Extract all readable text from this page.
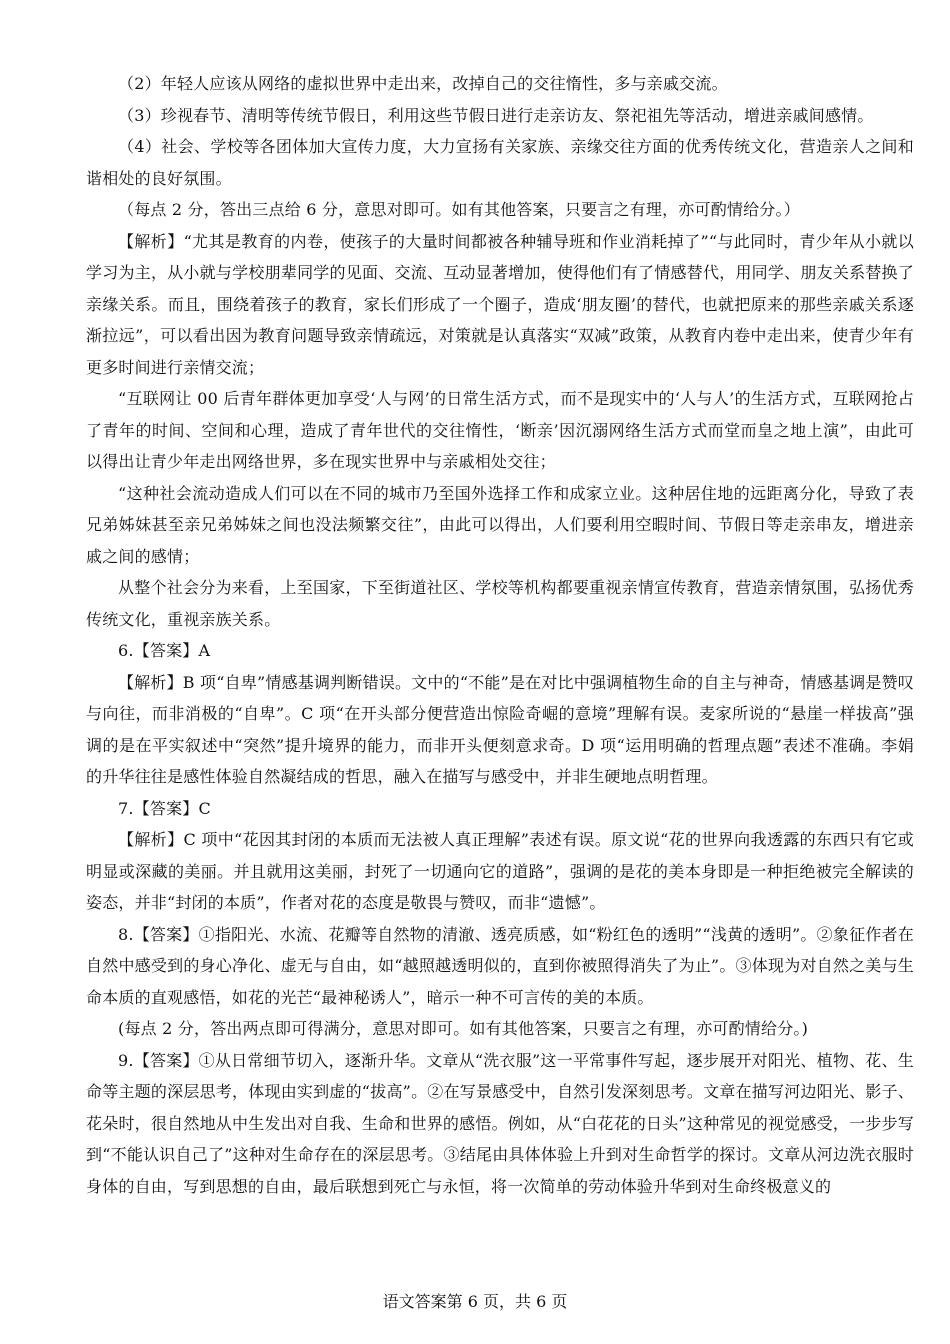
（2）年轻人应该从网络的虚拟世界中走出来，改掉自己的交往惰性，多与亲戚交流。

（3）珍视春节、清明等传统节假日，利用这些节假日进行走亲访友、祭祀祖先等活动，增进亲戚间感情。

（4）社会、学校等各团体加大宣传力度，大力宣扬有关家族、亲缘交往方面的优秀传统文化，营造亲人之间和谐相处的良好氛围。

（每点 2 分，答出三点给 6 分，意思对即可。如有其他答案，只要言之有理，亦可酌情给分。）

【解析】“尤其是教育的内卷，使孩子的大量时间都被各种辅导班和作业消耗掉了”“与此同时，青少年从小就以学习为主，从小就与学校朋辈同学的见面、交流、互动显著增加，使得他们有了情感替代，用同学、朋友关系替换了亲缘关系。而且，围绕着孩子的教育，家长们形成了一个圈子，造成‘朋友圈’的替代，也就把原来的那些亲戚关系逐渐拉远”，可以看出因为教育问题导致亲情疏远，对策就是认真落实“双减”政策，从教育内卷中走出来，使青少年有更多时间进行亲情交流；

“互联网让 00 后青年群体更加享受‘人与网’的日常生活方式，而不是现实中的‘人与人’的生活方式，互联网抢占了青年的时间、空间和心理，造成了青年世代的交往惰性，‘断亲’因沉溺网络生活方式而堂而皇之地上演”，由此可以得出让青少年走出网络世界，多在现实世界中与亲戚相处交往；

“这种社会流动造成人们可以在不同的城市乃至国外选择工作和成家立业。这种居住地的远距离分化，导致了表兄弟姊妹甚至亲兄弟姊妹之间也没法频繁交往”，由此可以得出，人们要利用空暇时间、节假日等走亲串友，增进亲戚之间的感情；

从整个社会分为来看，上至国家，下至街道社区、学校等机构都要重视亲情宣传教育，营造亲情氛围，弘扬优秀传统文化，重视亲族关系。

6.【答案】A

【解析】B 项“自卑”情感基调判断错误。文中的“不能”是在对比中强调植物生命的自主与神奇，情感基调是赞叹与向往，而非消极的“自卑”。C 项“在开头部分便营造出惊险奇崛的意境”理解有误。麦家所说的“悬崖一样拔高”强调的是在平实叙述中“突然”提升境界的能力，而非开头便刻意求奇。D 项“运用明确的哲理点题”表述不准确。李娟的升华往往是感性体验自然凝结成的哲思，融入在描写与感受中，并非生硬地点明哲理。

7.【答案】C

【解析】C 项中“花因其封闭的本质而无法被人真正理解”表述有误。原文说“花的世界向我透露的东西只有它或明显或深藏的美丽。并且就用这美丽，封死了一切通向它的道路”，强调的是花的美本身即是一种拒绝被完全解读的姿态，并非“封闭的本质”，作者对花的态度是敬畏与赞叹，而非“遗憾”。

8.【答案】①指阳光、水流、花瓣等自然物的清澈、透亮质感，如“粉红色的透明”“浅黄的透明”。②象征作者在自然中感受到的身心净化、虚无与自由，如“越照越透明似的，直到你被照得消失了为止”。③体现为对自然之美与生命本质的直观感悟，如花的光芒“最神秘诱人”，暗示一种不可言传的美的本质。

(每点 2 分，答出两点即可得满分，意思对即可。如有其他答案，只要言之有理，亦可酌情给分。)

9.【答案】①从日常细节切入，逐渐升华。文章从“洗衣服”这一平常事件写起，逐步展开对阳光、植物、花、生命等主题的深层思考，体现由实到虚的“拔高”。②在写景感受中，自然引发深刻思考。文章在描写河边阳光、影子、花朵时，很自然地从中生发出对自我、生命和世界的感悟。例如，从“白花花的日头”这种常见的视觉感受，一步步写到“不能认识自己了”这种对生命存在的深层思考。③结尾由具体体验上升到对生命哲学的探讨。文章从河边洗衣服时身体的自由，写到思想的自由，最后联想到死亡与永恒，将一次简单的劳动体验升华到对生命终极意义的

语文答案第 6 页，共 6 页
